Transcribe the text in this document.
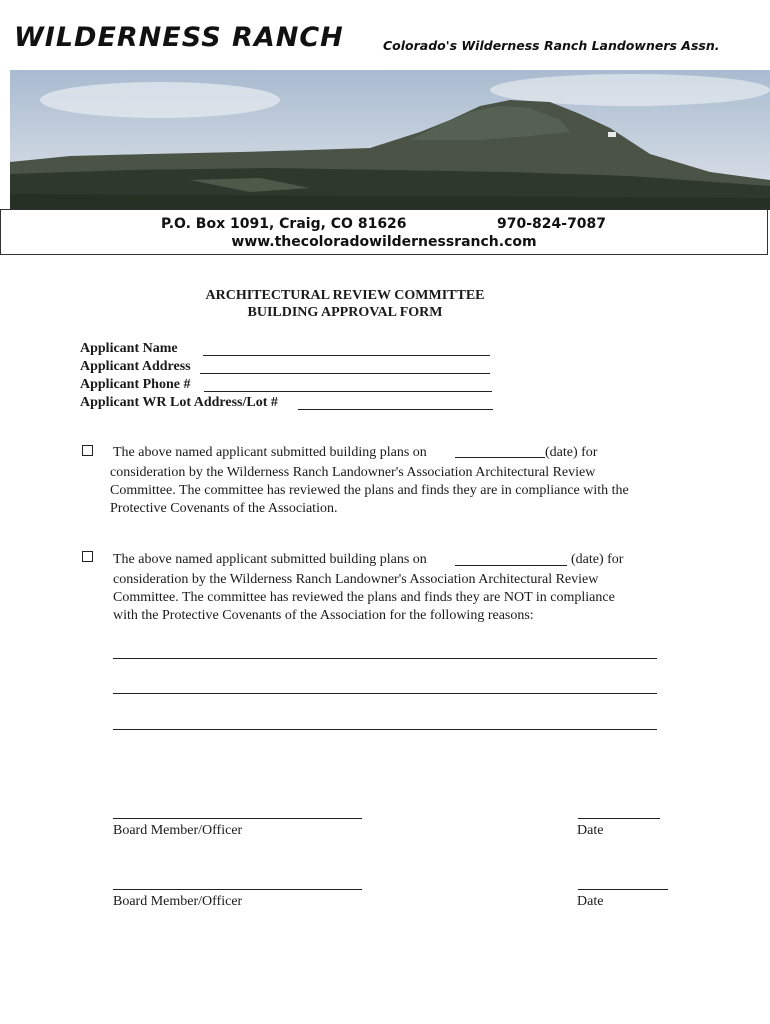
WILDERNESS RANCH	Colorado's Wilderness Ranch Landowners Assn.
P.O. Box 1091, Craig, CO 81626	970-824-7087
www.thecoloradowildernessranch.com
ARCHITECTURAL REVIEW COMMITTEE
BUILDING APPROVAL FORM
Applicant Name
Applicant Address
Applicant Phone #
Applicant WR Lot Address/Lot #
The above named applicant submitted building plans on	(date) for
consideration by the Wilderness Ranch Landowner's Association Architectural Review
Committee. The committee has reviewed the plans and finds they are in compliance with the
Protective Covenants of the Association.
The above named applicant submitted building plans on	(date) for
consideration by the Wilderness Ranch Landowner's Association Architectural Review
Committee. The committee has reviewed the plans and finds they are NOT in compliance
with the Protective Covenants of the Association for the following reasons:
Board Member/Officer	Date
Board Member/Officer	Date
